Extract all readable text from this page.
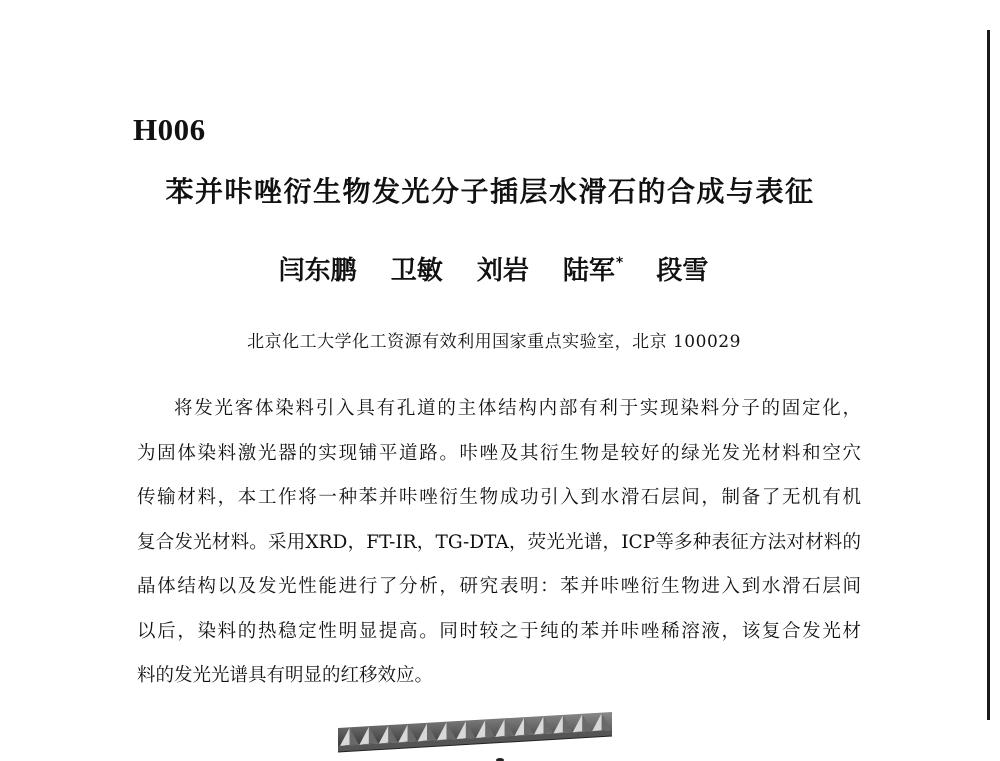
H006
苯并咔唑衍生物发光分子插层水滑石的合成与表征
闫东鹏 卫敏 刘岩 陆军* 段雪
北京化工大学化工资源有效利用国家重点实验室，北京 100029
将发光客体染料引入具有孔道的主体结构内部有利于实现染料分子的固定化，
为固体染料激光器的实现铺平道路。咔唑及其衍生物是较好的绿光发光材料和空穴
传输材料，本工作将一种苯并咔唑衍生物成功引入到水滑石层间，制备了无机有机
复合发光材料。采用XRD，FT-IR，TG-DTA，荧光光谱，ICP等多种表征方法对材料的
晶体结构以及发光性能进行了分析，研究表明：苯并咔唑衍生物进入到水滑石层间
以后，染料的热稳定性明显提高。同时较之于纯的苯并咔唑稀溶液，该复合发光材
料的发光光谱具有明显的红移效应。
